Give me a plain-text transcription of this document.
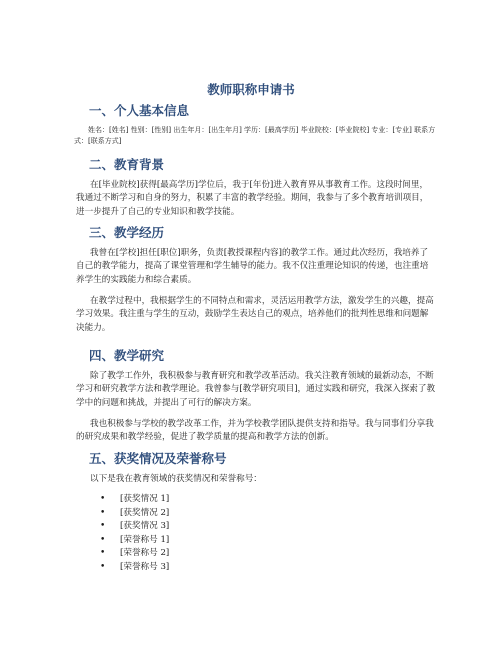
教师职称申请书
一、个人基本信息

姓名：[姓名] 性别：[性别] 出生年月：[出生年月] 学历：[最高学历] 毕业院校：[毕业院校] 专业：[专业] 联系方式：[联系方式]

二、教育背景

在[毕业院校]获得[最高学历]学位后，我于[年份]进入教育界从事教育工作。这段时间里，我通过不断学习和自身的努力，积累了丰富的教学经验。期间，我参与了多个教育培训项目，进一步提升了自己的专业知识和教学技能。

三、教学经历

我曾在[学校]担任[职位]职务，负责[教授课程内容]的教学工作。通过此次经历，我培养了自己的教学能力，提高了课堂管理和学生辅导的能力。我不仅注重理论知识的传递，也注重培养学生的实践能力和综合素质。

在教学过程中，我根据学生的不同特点和需求，灵活运用教学方法，激发学生的兴趣，提高学习效果。我注重与学生的互动，鼓励学生表达自己的观点，培养他们的批判性思维和问题解决能力。

四、教学研究

除了教学工作外，我积极参与教育研究和教学改革活动。我关注教育领域的最新动态，不断学习和研究教学方法和教学理论。我曾参与[教学研究项目]，通过实践和研究，我深入探索了教学中的问题和挑战，并提出了可行的解决方案。

我也积极参与学校的教学改革工作，并为学校教学团队提供支持和指导。我与同事们分享我的研究成果和教学经验，促进了教学质量的提高和教学方法的创新。

五、获奖情况及荣誉称号

以下是我在教育领域的获奖情况和荣誉称号：

• [获奖情况 1]
• [获奖情况 2]
• [获奖情况 3]
• [荣誉称号 1]
• [荣誉称号 2]
• [荣誉称号 3]
